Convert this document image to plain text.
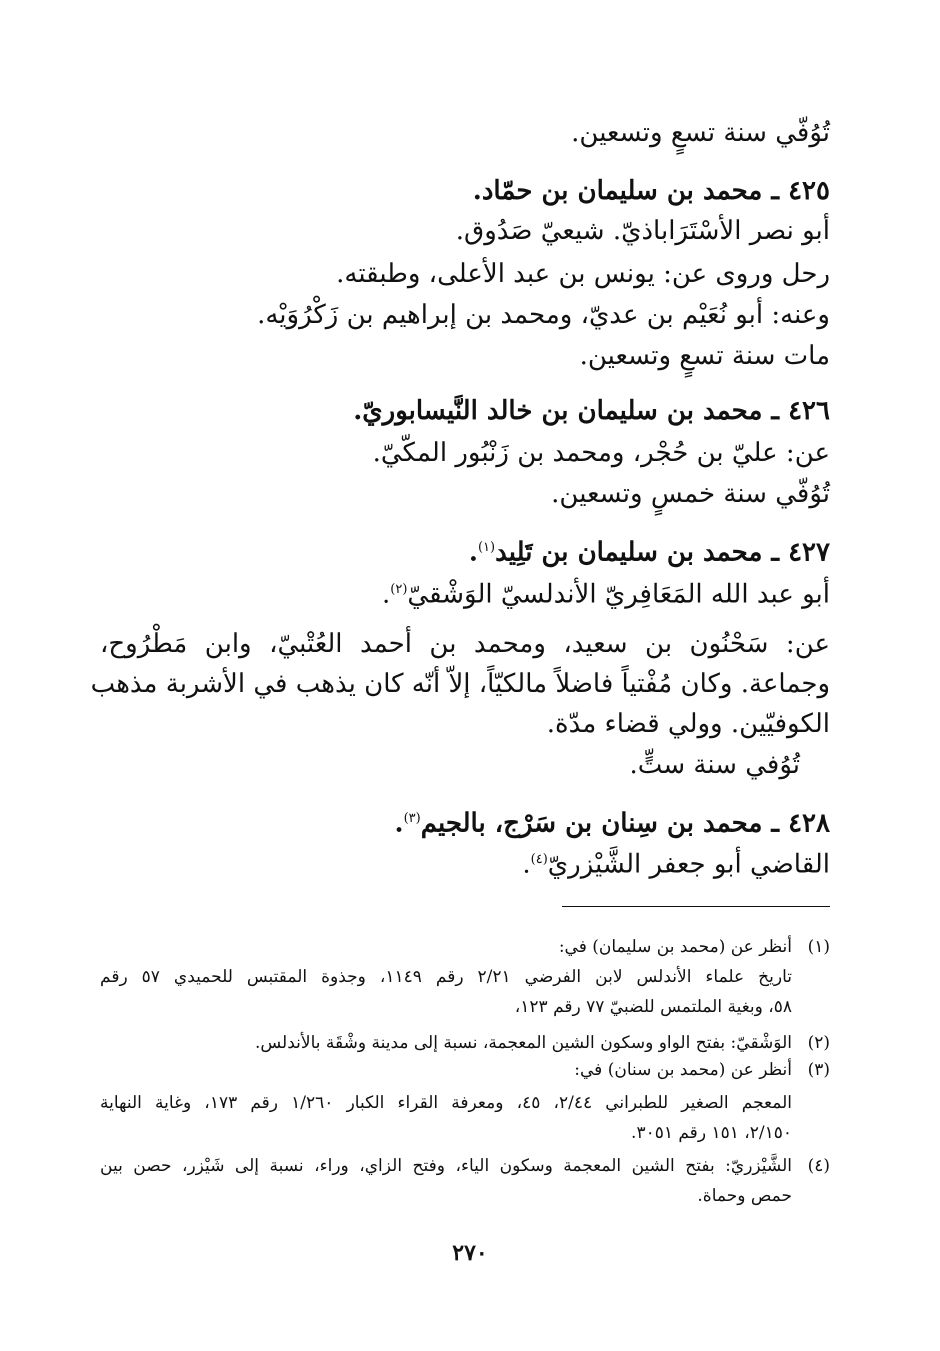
تُوُفّي سنة تسعٍ وتسعين.
٤٢٥ ـ محمد بن سليمان بن حمّاد.
أبو نصر الأسْتَرَاباذيّ. شيعيّ صَدُوق.
رحل وروى عن: يونس بن عبد الأعلى، وطبقته.
وعنه: أبو نُعَيْم بن عديّ، ومحمد بن إبراهيم بن زَكْرُوَيْه.
مات سنة تسعٍ وتسعين.
٤٢٦ ـ محمد بن سليمان بن خالد النَّيسابوريّ.
عن: عليّ بن حُجْر، ومحمد بن زَنْبُور المكّيّ.
تُوُفّي سنة خمسٍ وتسعين.
٤٢٧ ـ محمد بن سليمان بن تَلِيد$^{(١)}$.
أبو عبد الله المَعَافِريّ الأندلسيّ الوَشْقيّ$^{(٢)}$.
عن: سَحْنُون بن سعيد، ومحمد بن أحمد العُتْبيّ، وابن مَطْرُوح،
وجماعة. وكان مُفْتياً فاضلاً مالكيّاً، إلاّ أنّه كان يذهب في الأشربة مذهب
الكوفيّين. وولي قضاء مدّة.
تُوُفي سنة ستٍّ.
٤٢٨ ـ محمد بن سِنان بن سَرْج، بالجيم$^{(٣)}$.
القاضي أبو جعفر الشَّيْزريّ$^{(٤)}$.
(١)أنظر عن (محمد بن سليمان) في:
تاريخ علماء الأندلس لابن الفرضي ٢/٢١ رقم ١١٤٩، وجذوة المقتبس للحميدي ٥٧ رقم
٥٨، وبغية الملتمس للضبيّ ٧٧ رقم ١٢٣،
(٢)الوَشْقيّ: بفتح الواو وسكون الشين المعجمة، نسبة إلى مدينة وشْقَة بالأندلس.
(٣)أنظر عن (محمد بن سنان) في:
المعجم الصغير للطبراني ٢/٤٤، ٤٥، ومعرفة القراء الكبار ١/٢٦٠ رقم ١٧٣، وغاية النهاية
٢/١٥٠، ١٥١ رقم ٣٠٥١.
(٤)الشَّيْزريّ: بفتح الشين المعجمة وسكون الياء، وفتح الزاي، وراء، نسبة إلى شَيْزر، حصن بين
حمص وحماة.
٢٧٠
